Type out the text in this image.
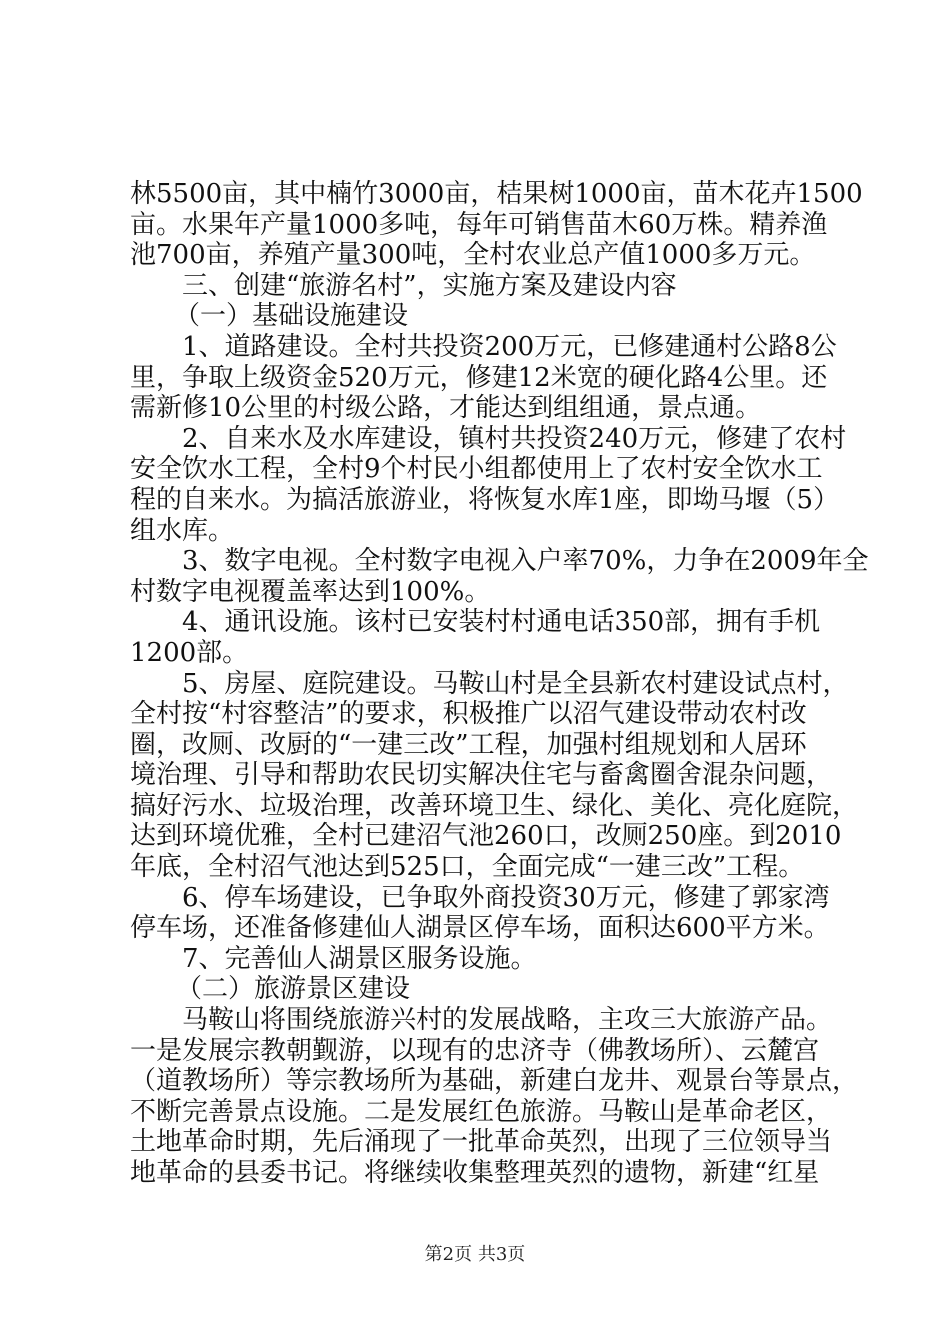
林5500亩，其中楠竹3000亩，桔果树1000亩，苗木花卉1500
亩。水果年产量1000多吨，每年可销售苗木60万株。精养渔
池700亩，养殖产量300吨，全村农业总产值1000多万元。
三、创建“旅游名村”，实施方案及建设内容
（一）基础设施建设
1、道路建设。全村共投资200万元，已修建通村公路8公
里，争取上级资金520万元，修建12米宽的硬化路4公里。还
需新修10公里的村级公路，才能达到组组通，景点通。
2、自来水及水库建设，镇村共投资240万元，修建了农村
安全饮水工程，全村9个村民小组都使用上了农村安全饮水工
程的自来水。为搞活旅游业，将恢复水库1座，即坳马堰（5）
组水库。
3、数字电视。全村数字电视入户率70%，力争在2009年全
村数字电视覆盖率达到100%。
4、通讯设施。该村已安装村村通电话350部，拥有手机
1200部。
5、房屋、庭院建设。马鞍山村是全县新农村建设试点村，
全村按“村容整洁”的要求，积极推广以沼气建设带动农村改
圈，改厕、改厨的“一建三改”工程，加强村组规划和人居环
境治理、引导和帮助农民切实解决住宅与畜禽圈舍混杂问题，
搞好污水、垃圾治理，改善环境卫生、绿化、美化、亮化庭院，
达到环境优雅，全村已建沼气池260口，改厕250座。到2010
年底，全村沼气池达到525口，全面完成“一建三改”工程。
6、停车场建设，已争取外商投资30万元，修建了郭家湾
停车场，还准备修建仙人湖景区停车场，面积达600平方米。
7、完善仙人湖景区服务设施。
（二）旅游景区建设
马鞍山将围绕旅游兴村的发展战略，主攻三大旅游产品。
一是发展宗教朝觐游，以现有的忠济寺（佛教场所）、云麓宫
（道教场所）等宗教场所为基础，新建白龙井、观景台等景点，
不断完善景点设施。二是发展红色旅游。马鞍山是革命老区，
土地革命时期，先后涌现了一批革命英烈，出现了三位领导当
地革命的县委书记。将继续收集整理英烈的遗物，新建“红星
第2页 共3页
